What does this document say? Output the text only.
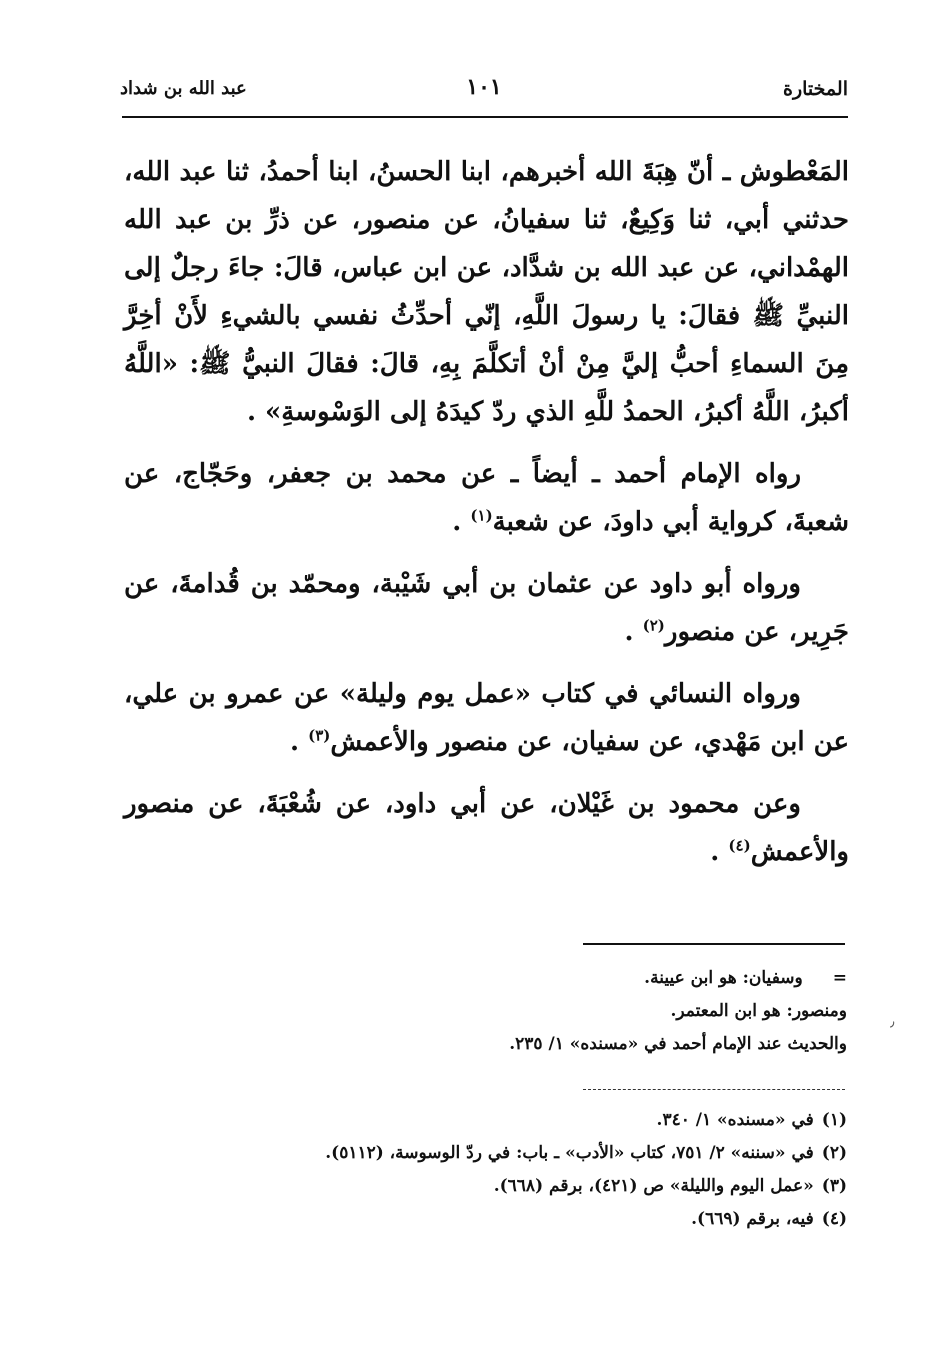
المختارة
١٠١
عبد الله بن شداد

المَعْطوش ـ أنّ هِبَةَ الله أخبرهم، ابنا الحسنُ، ابنا أحمدُ، ثنا عبد الله، حدثني أبي، ثنا وَكِيعٌ، ثنا سفيانُ، عن منصور، عن ذرِّ بن عبد الله الهمْداني، عن عبد الله بن شدَّاد، عن ابن عباس، قالَ: جاءَ رجلٌ إلى النبيِّ ﷺ فقالَ: يا رسولَ اللَّهِ، إنّي أحدِّثُ نفسي بالشيءِ لأَنْ أخِرَّ مِنَ السماءِ أحبُّ إليَّ مِنْ أنْ أتكلَّمَ بِهِ، قالَ: فقالَ النبيُّ ﷺ: «اللَّهُ أكبرُ، اللَّهُ أكبرُ، الحمدُ للَّهِ الذي ردّ كيدَهُ إلى الوَسْوسةِ» .

رواه الإمام أحمد ـ أيضاً ـ عن محمد بن جعفر، وحَجّاج، عن شعبةَ، كرواية أبي داودَ، عن شعبة$^{(١)}$ .

ورواه أبو داود عن عثمان بن أبي شَيْبة، ومحمّد بن قُدامةَ، عن جَرِير، عن منصور$^{(٢)}$ .

ورواه النسائي في كتاب «عمل يوم وليلة» عن عمرو بن علي، عن ابن مَهْدي، عن سفيان، عن منصور والأعمش$^{(٣)}$ .

وعن محمود بن غَيْلان، عن أبي داود، عن شُعْبَةَ، عن منصور والأعمش$^{(٤)}$ .

=وسفيان: هو ابن عيينة.
ومنصور: هو ابن المعتمر.
والحديث عند الإمام أحمد في «مسنده» ١/ ٢٣٥.
(١)في «مسنده» ١/ ٣٤٠.
(٢)في «سننه» ٢/ ٧٥١، كتاب «الأدب» ـ باب: في ردّ الوسوسة، (٥١١٢).
(٣)«عمل اليوم والليلة» ص (٤٢١)، برقم (٦٦٨).
(٤)فيه، برقم (٦٦٩).
٫
